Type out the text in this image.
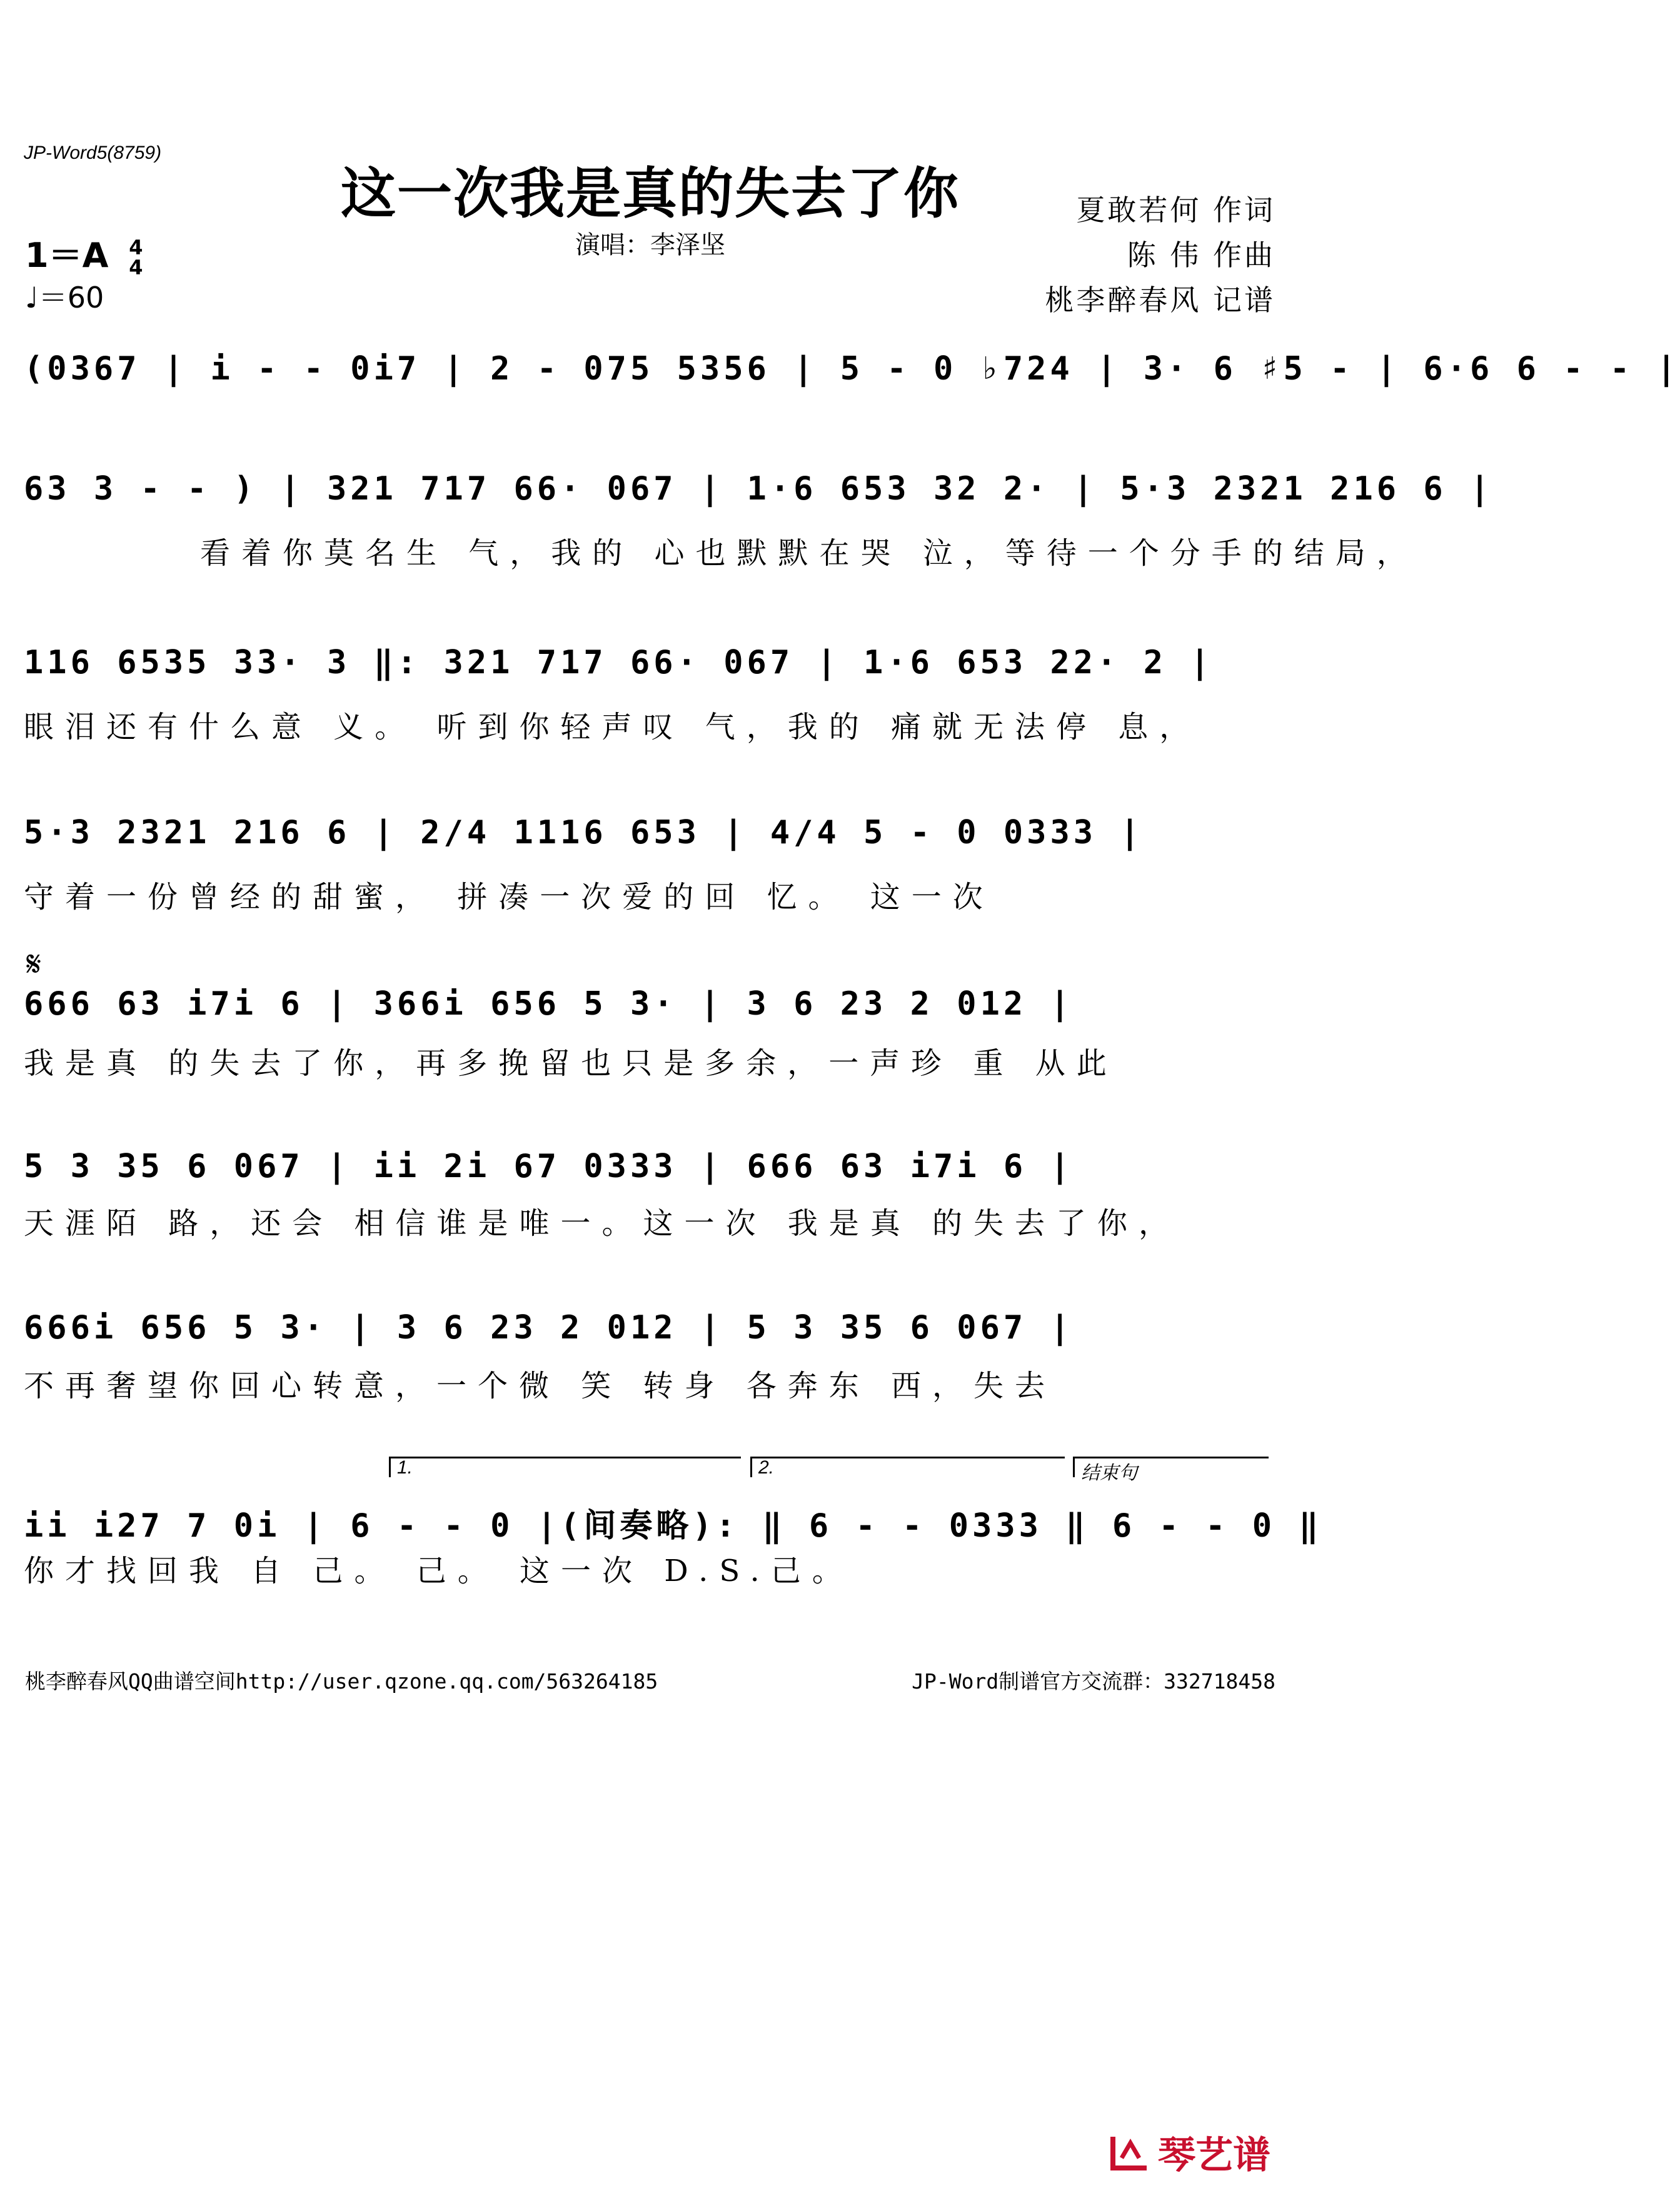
JP-Word5(8759)
这一次我是真的失去了你
演唱：李泽坚
夏敢若何 作词
陈 伟 作曲
桃李醉春风 记谱
1＝A 4
4
♩＝60
(0367 | i - - 0i7 | 2 - 075 5356 | 5 - 0 ♭724 | 3· 6 ♯5 - | 6·6 6 - - |
63 3 - - ) | 321 717 66· 067 | 1·6 653 32 2· | 5·3 2321 216 6 |
看着你莫名生 气，我的 心也默默在哭 泣，等待一个分手的结局，
116 6535 33· 3 ‖: 321 717 66· 067 | 1·6 653 22· 2 |
眼泪还有什么意 义。 听到你轻声叹 气，我的 痛就无法停 息，
5·3 2321 216 6 | 2/4 1116 653 | 4/4 5 - 0 0333 |
守着一份曾经的甜蜜， 拼凑一次爱的回 忆。 这一次
𝄋
666 63 i7i 6 | 366i 656 5 3· | 3 6 23 2 012 |
我是真 的失去了你，再多挽留也只是多余，一声珍 重 从此
5 3 35 6 067 | ii 2i 67 0333 | 666 63 i7i 6 |
天涯陌 路，还会 相信谁是唯一。这一次 我是真 的失去了你，
666i 656 5 3· | 3 6 23 2 012 | 5 3 35 6 067 |
不再奢望你回心转意，一个微 笑 转身 各奔东 西，失去
1.	2.	结束句
ii i27 7 0i | 6 - - 0 |(间奏略): ‖ 6 - - 0333 ‖ 6 - - 0 ‖
你才找回我 自 己。 己。 这一次 D.S.己。
桃李醉春风QQ曲谱空间http://user.qzone.qq.com/563264185	JP-Word制谱官方交流群：332718458
琴艺谱
